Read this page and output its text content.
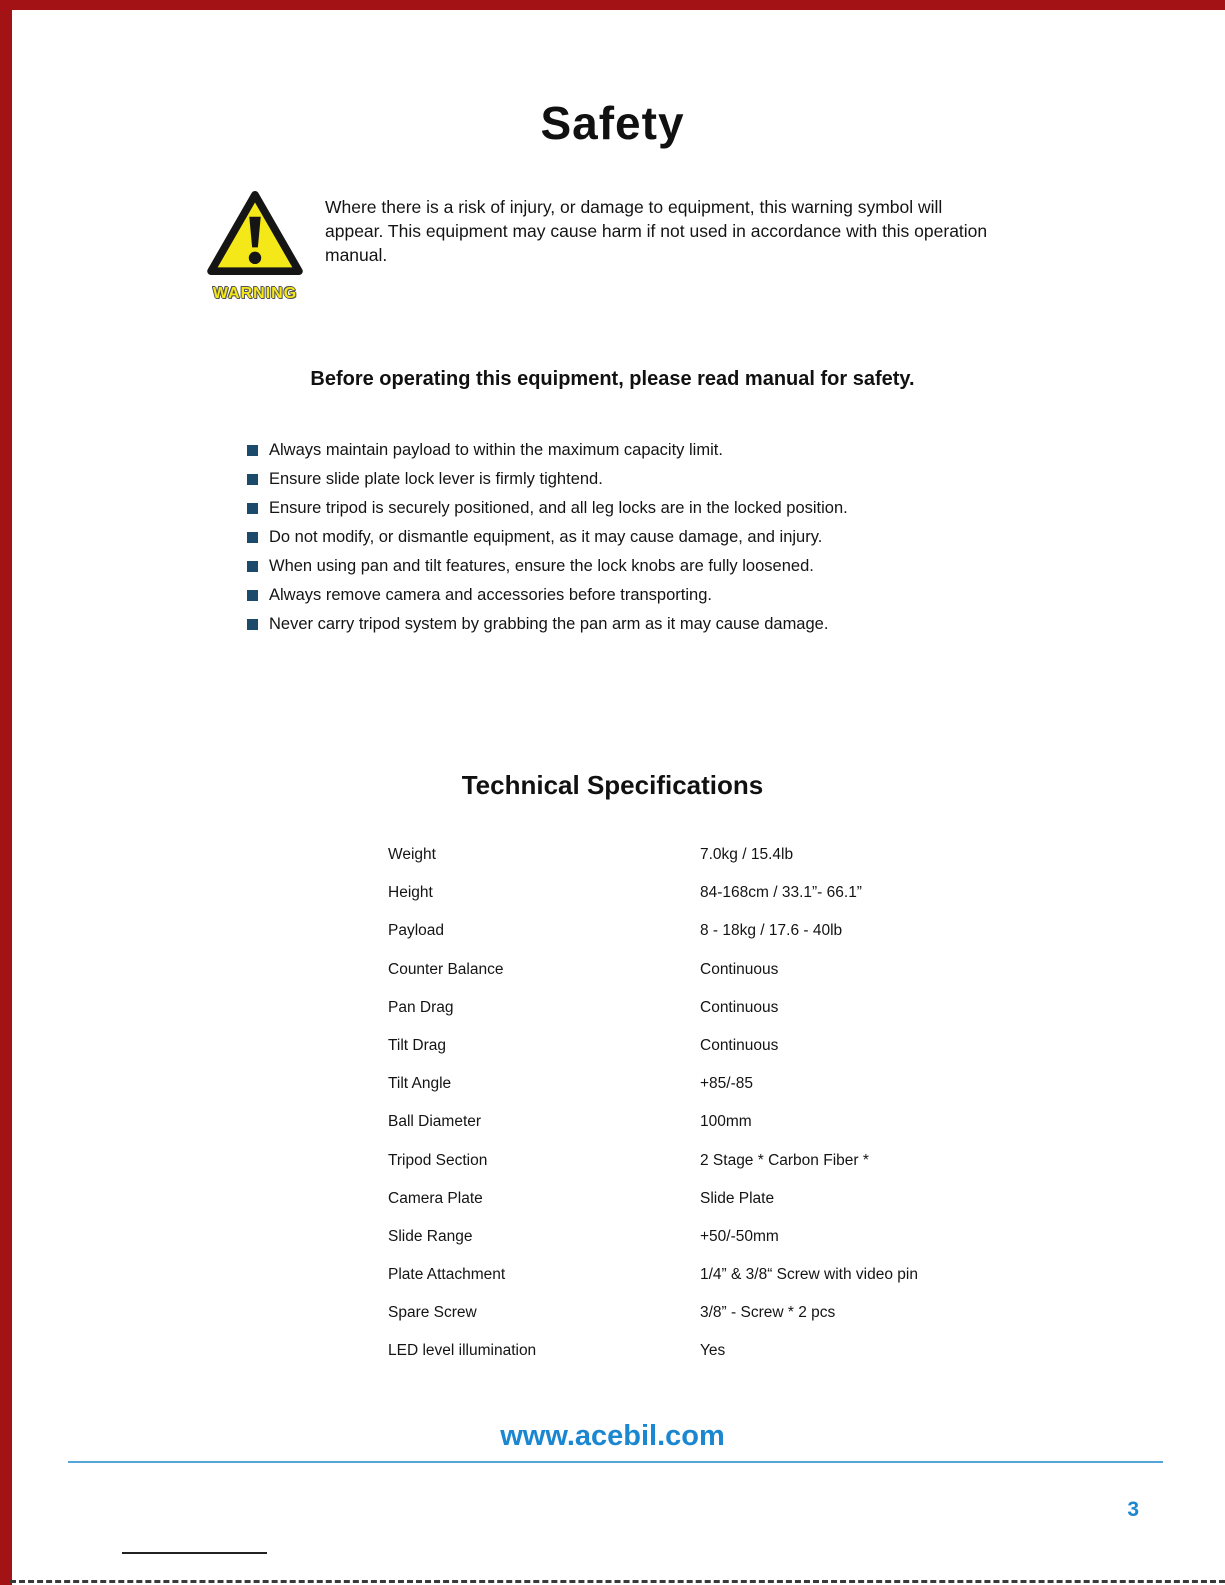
Safety
WARNING

Where there is a risk of injury, or damage to equipment, this warning symbol will appear. This equipment may cause harm if not used in accordance with this operation manual.

Before operating this equipment, please read manual for safety.
Always maintain payload to within the maximum capacity limit.
Ensure slide plate lock lever is firmly tightend.
Ensure tripod is securely positioned, and all leg locks are in the locked position.
Do not modify, or dismantle equipment, as it may cause damage, and injury.
When using pan and tilt features, ensure the lock knobs are fully loosened.
Always remove camera and accessories before transporting.
Never carry tripod system by grabbing the pan arm as it may cause damage.
Technical Specifications
Weight	7.0kg / 15.4lb
Height	84-168cm / 33.1”- 66.1”
Payload	8 - 18kg / 17.6 - 40lb
Counter Balance	Continuous
Pan Drag	Continuous
Tilt Drag	Continuous
Tilt Angle	+85/-85
Ball Diameter	100mm
Tripod Section	2 Stage * Carbon Fiber *
Camera Plate	Slide Plate
Slide Range	+50/-50mm
Plate Attachment	1/4” & 3/8“ Screw with video pin
Spare Screw	3/8” - Screw * 2 pcs
LED level illumination	Yes
www.acebil.com
3
